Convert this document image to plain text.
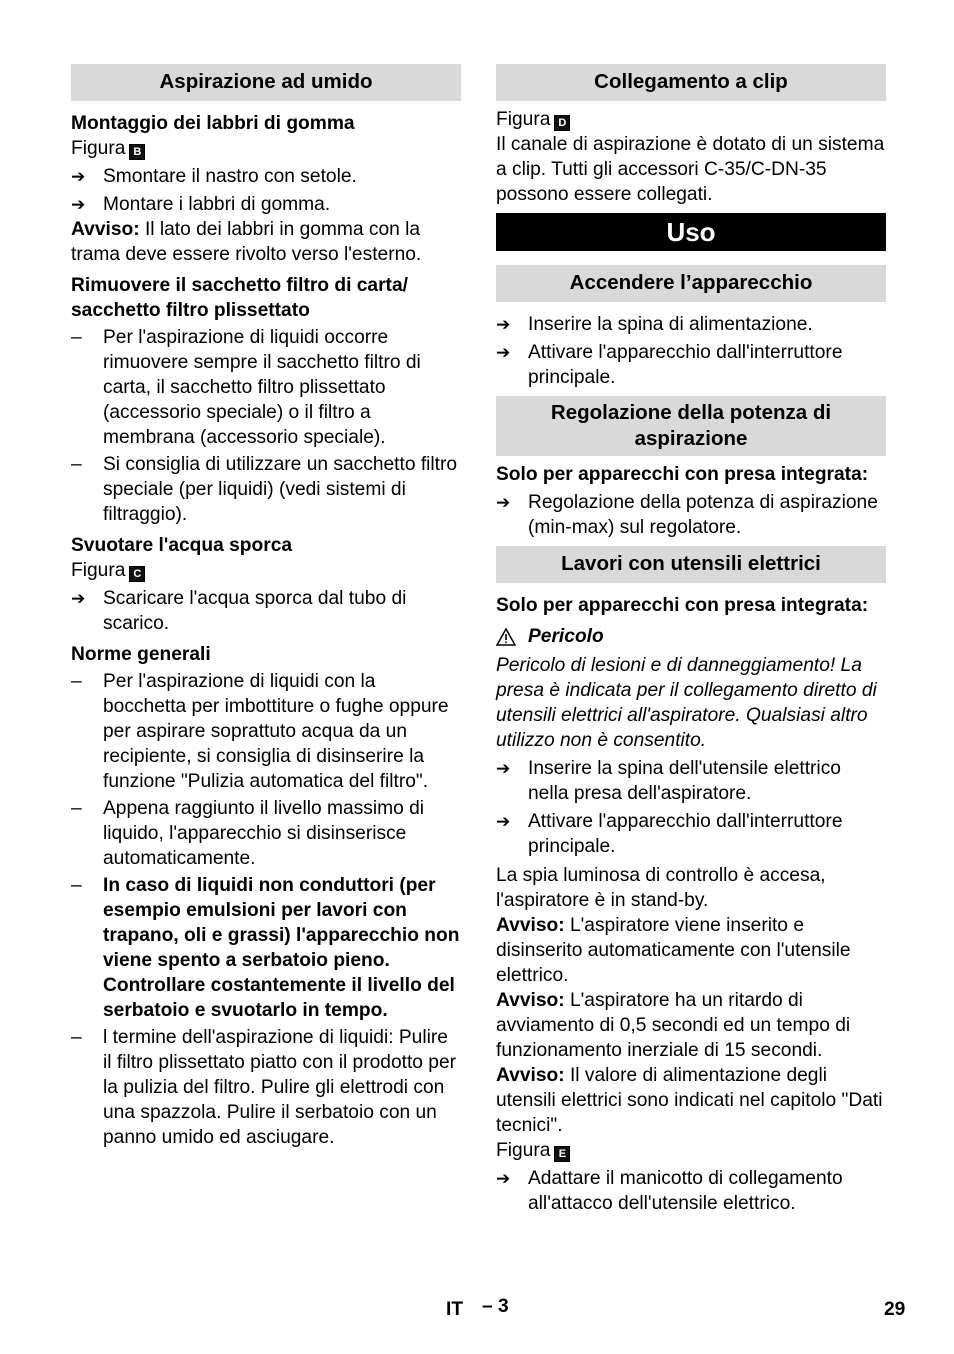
Aspirazione ad umido
Montaggio dei labbri di gomma
Figura B
➔ Smontare il nastro con setole.
➔ Montare i labbri di gomma.
Avviso: Il lato dei labbri in gomma con la trama deve essere rivolto verso l'esterno.
Rimuovere il sacchetto filtro di carta/ sacchetto filtro plissettato
–	Per l'aspirazione di liquidi occorre rimuovere sempre il sacchetto filtro di carta, il sacchetto filtro plissettato (accessorio speciale) o il filtro a membrana (accessorio speciale).
–	Si consiglia di utilizzare un sacchetto filtro speciale (per liquidi) (vedi sistemi di filtraggio).
Svuotare l'acqua sporca
Figura C
➔ Scaricare l'acqua sporca dal tubo di scarico.
Norme generali
–	Per l'aspirazione di liquidi con la bocchetta per imbottiture o fughe oppure per aspirare soprattuto acqua da un recipiente, si consiglia di disinserire la funzione "Pulizia automatica del filtro".
–	Appena raggiunto il livello massimo di liquido, l'apparecchio si disinserisce automaticamente.
–	In caso di liquidi non conduttori (per esempio emulsioni per lavori con trapano, oli e grassi) l'apparecchio non viene spento a serbatoio pieno. Controllare costantemente il livello del serbatoio e svuotarlo in tempo.
–	l termine dell'aspirazione di liquidi: Pulire il filtro plissettato piatto con il prodotto per la pulizia del filtro. Pulire gli elettrodi con una spazzola. Pulire il serbatoio con un panno umido ed asciugare.
Collegamento a clip
Figura D
Il canale di aspirazione è dotato di un sistema a clip. Tutti gli accessori C-35/C-DN-35 possono essere collegati.
Uso
Accendere l’apparecchio
➔ Inserire la spina di alimentazione.
➔ Attivare l'apparecchio dall'interruttore principale.
Regolazione della potenza di aspirazione
Solo per apparecchi con presa integrata:
➔ Regolazione della potenza di aspirazione (min-max) sul regolatore.
Lavori con utensili elettrici
Solo per apparecchi con presa integrata:
Pericolo
Pericolo di lesioni e di danneggiamento! La presa è indicata per il collegamento diretto di utensili elettrici all'aspiratore. Qualsiasi altro utilizzo non è consentito.
➔ Inserire la spina dell'utensile elettrico nella presa dell'aspiratore.
➔ Attivare l'apparecchio dall'interruttore principale.
La spia luminosa di controllo è accesa, l'aspiratore è in stand-by.
Avviso: L'aspiratore viene inserito e disinserito automaticamente con l'utensile elettrico.
Avviso: L'aspiratore ha un ritardo di avviamento di 0,5 secondi ed un tempo di funzionamento inerziale di 15 secondi.
Avviso: Il valore di alimentazione degli utensili elettrici sono indicati nel capitolo "Dati tecnici".
Figura E
➔ Adattare il manicotto di collegamento all'attacco dell'utensile elettrico.
IT – 3	29
